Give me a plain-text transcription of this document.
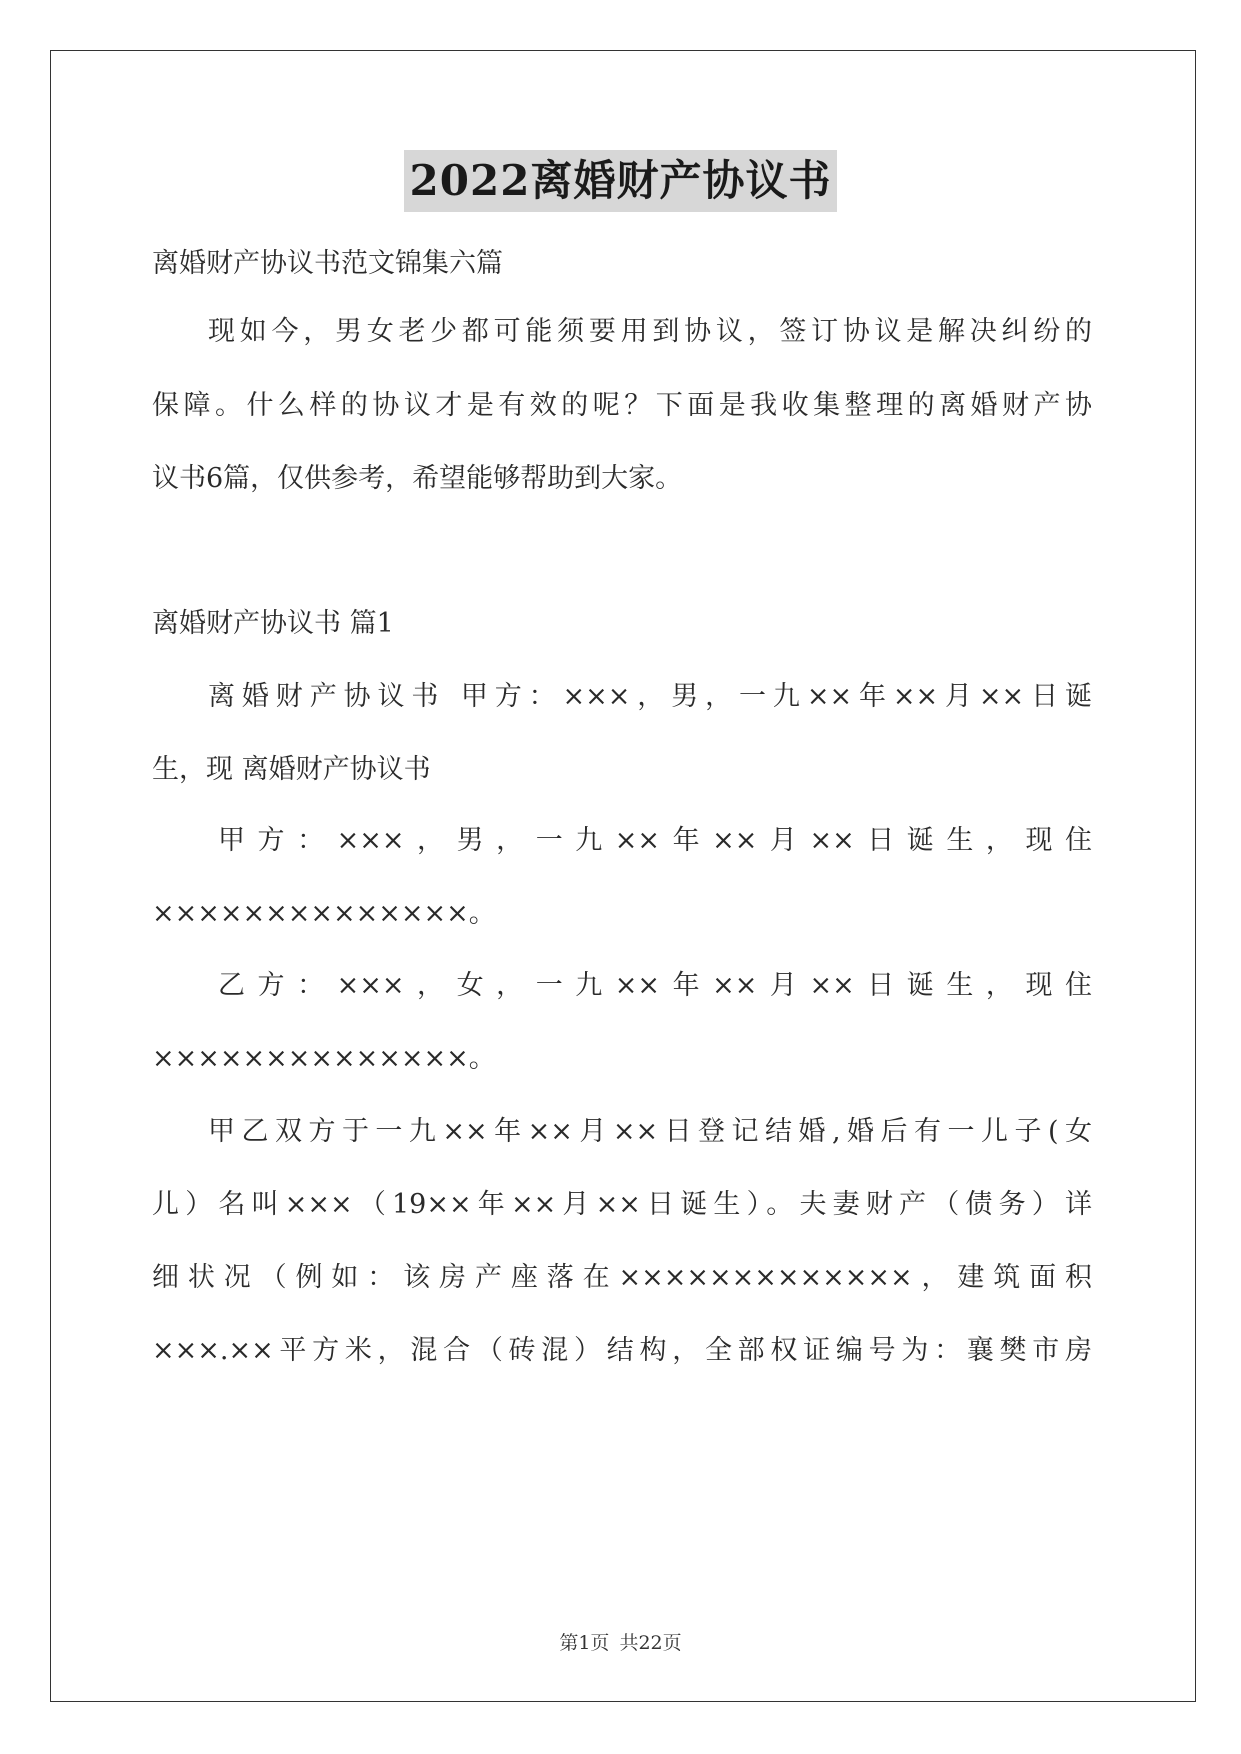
2022离婚财产协议书
离婚财产协议书范文锦集六篇
现如今，男女老少都可能须要用到协议，签订协议是解决纠纷的
保障。什么样的协议才是有效的呢？下面是我收集整理的离婚财产协
议书6篇，仅供参考，希望能够帮助到大家。
离婚财产协议书 篇1
离婚财产协议书 甲方：×××，男，一九××年××月××日诞
生，现 离婚财产协议书
甲方：×××，男，一九××年××月××日诞生，现住
××××××××××××××。
乙方：×××，女，一九××年××月××日诞生，现住
××××××××××××××。
甲乙双方于一九××年××月××日登记结婚,婚后有一儿子(女
儿）名叫×××（19××年××月××日诞生）。夫妻财产（债务）详
细状况（例如：该房产座落在×××××××××××××，建筑面积
×××.××平方米，混合（砖混）结构，全部权证编号为：襄樊市房
第1页 共22页
